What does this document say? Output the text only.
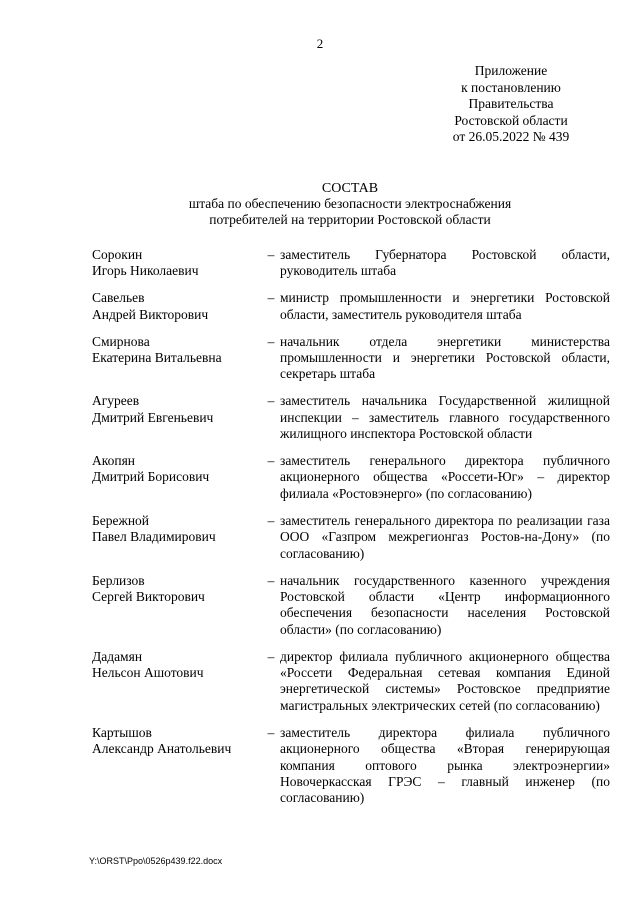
2
Приложение
к постановлению
Правительства
Ростовской области
от 26.05.2022 № 439
СОСТАВ
штаба по обеспечению безопасности электроснабжения
потребителей на территории Ростовской области
Сорокин
Игорь Николаевич
– заместитель Губернатора Ростовской области, руководитель штаба
Савельев
Андрей Викторович
– министр промышленности и энергетики Ростовской области, заместитель руководителя штаба
Смирнова
Екатерина Витальевна
– начальник отдела энергетики министерства промышленности и энергетики Ростовской области, секретарь штаба
Агуреев
Дмитрий Евгеньевич
– заместитель начальника Государственной жилищной инспекции – заместитель главного государственного жилищного инспектора Ростовской области
Акопян
Дмитрий Борисович
– заместитель генерального директора публичного акционерного общества «Россети-Юг» – директор филиала «Ростовэнерго» (по согласованию)
Бережной
Павел Владимирович
– заместитель генерального директора по реализации газа ООО «Газпром межрегионгаз Ростов-на-Дону» (по согласованию)
Берлизов
Сергей Викторович
– начальник государственного казенного учреждения Ростовской области «Центр информационного обеспечения безопасности населения Ростовской области» (по согласованию)
Дадамян
Нельсон Ашотович
– директор филиала публичного акционерного общества «Россети Федеральная сетевая компания Единой энергетической системы» Ростовское предприятие магистральных электрических сетей (по согласованию)
Картышов
Александр Анатольевич
– заместитель директора филиала публичного акционерного общества «Вторая генерирующая компания оптового рынка электроэнергии» Новочеркасская ГРЭС – главный инженер (по согласованию)
Y:\ORST\Ppo\0526p439.f22.docx
